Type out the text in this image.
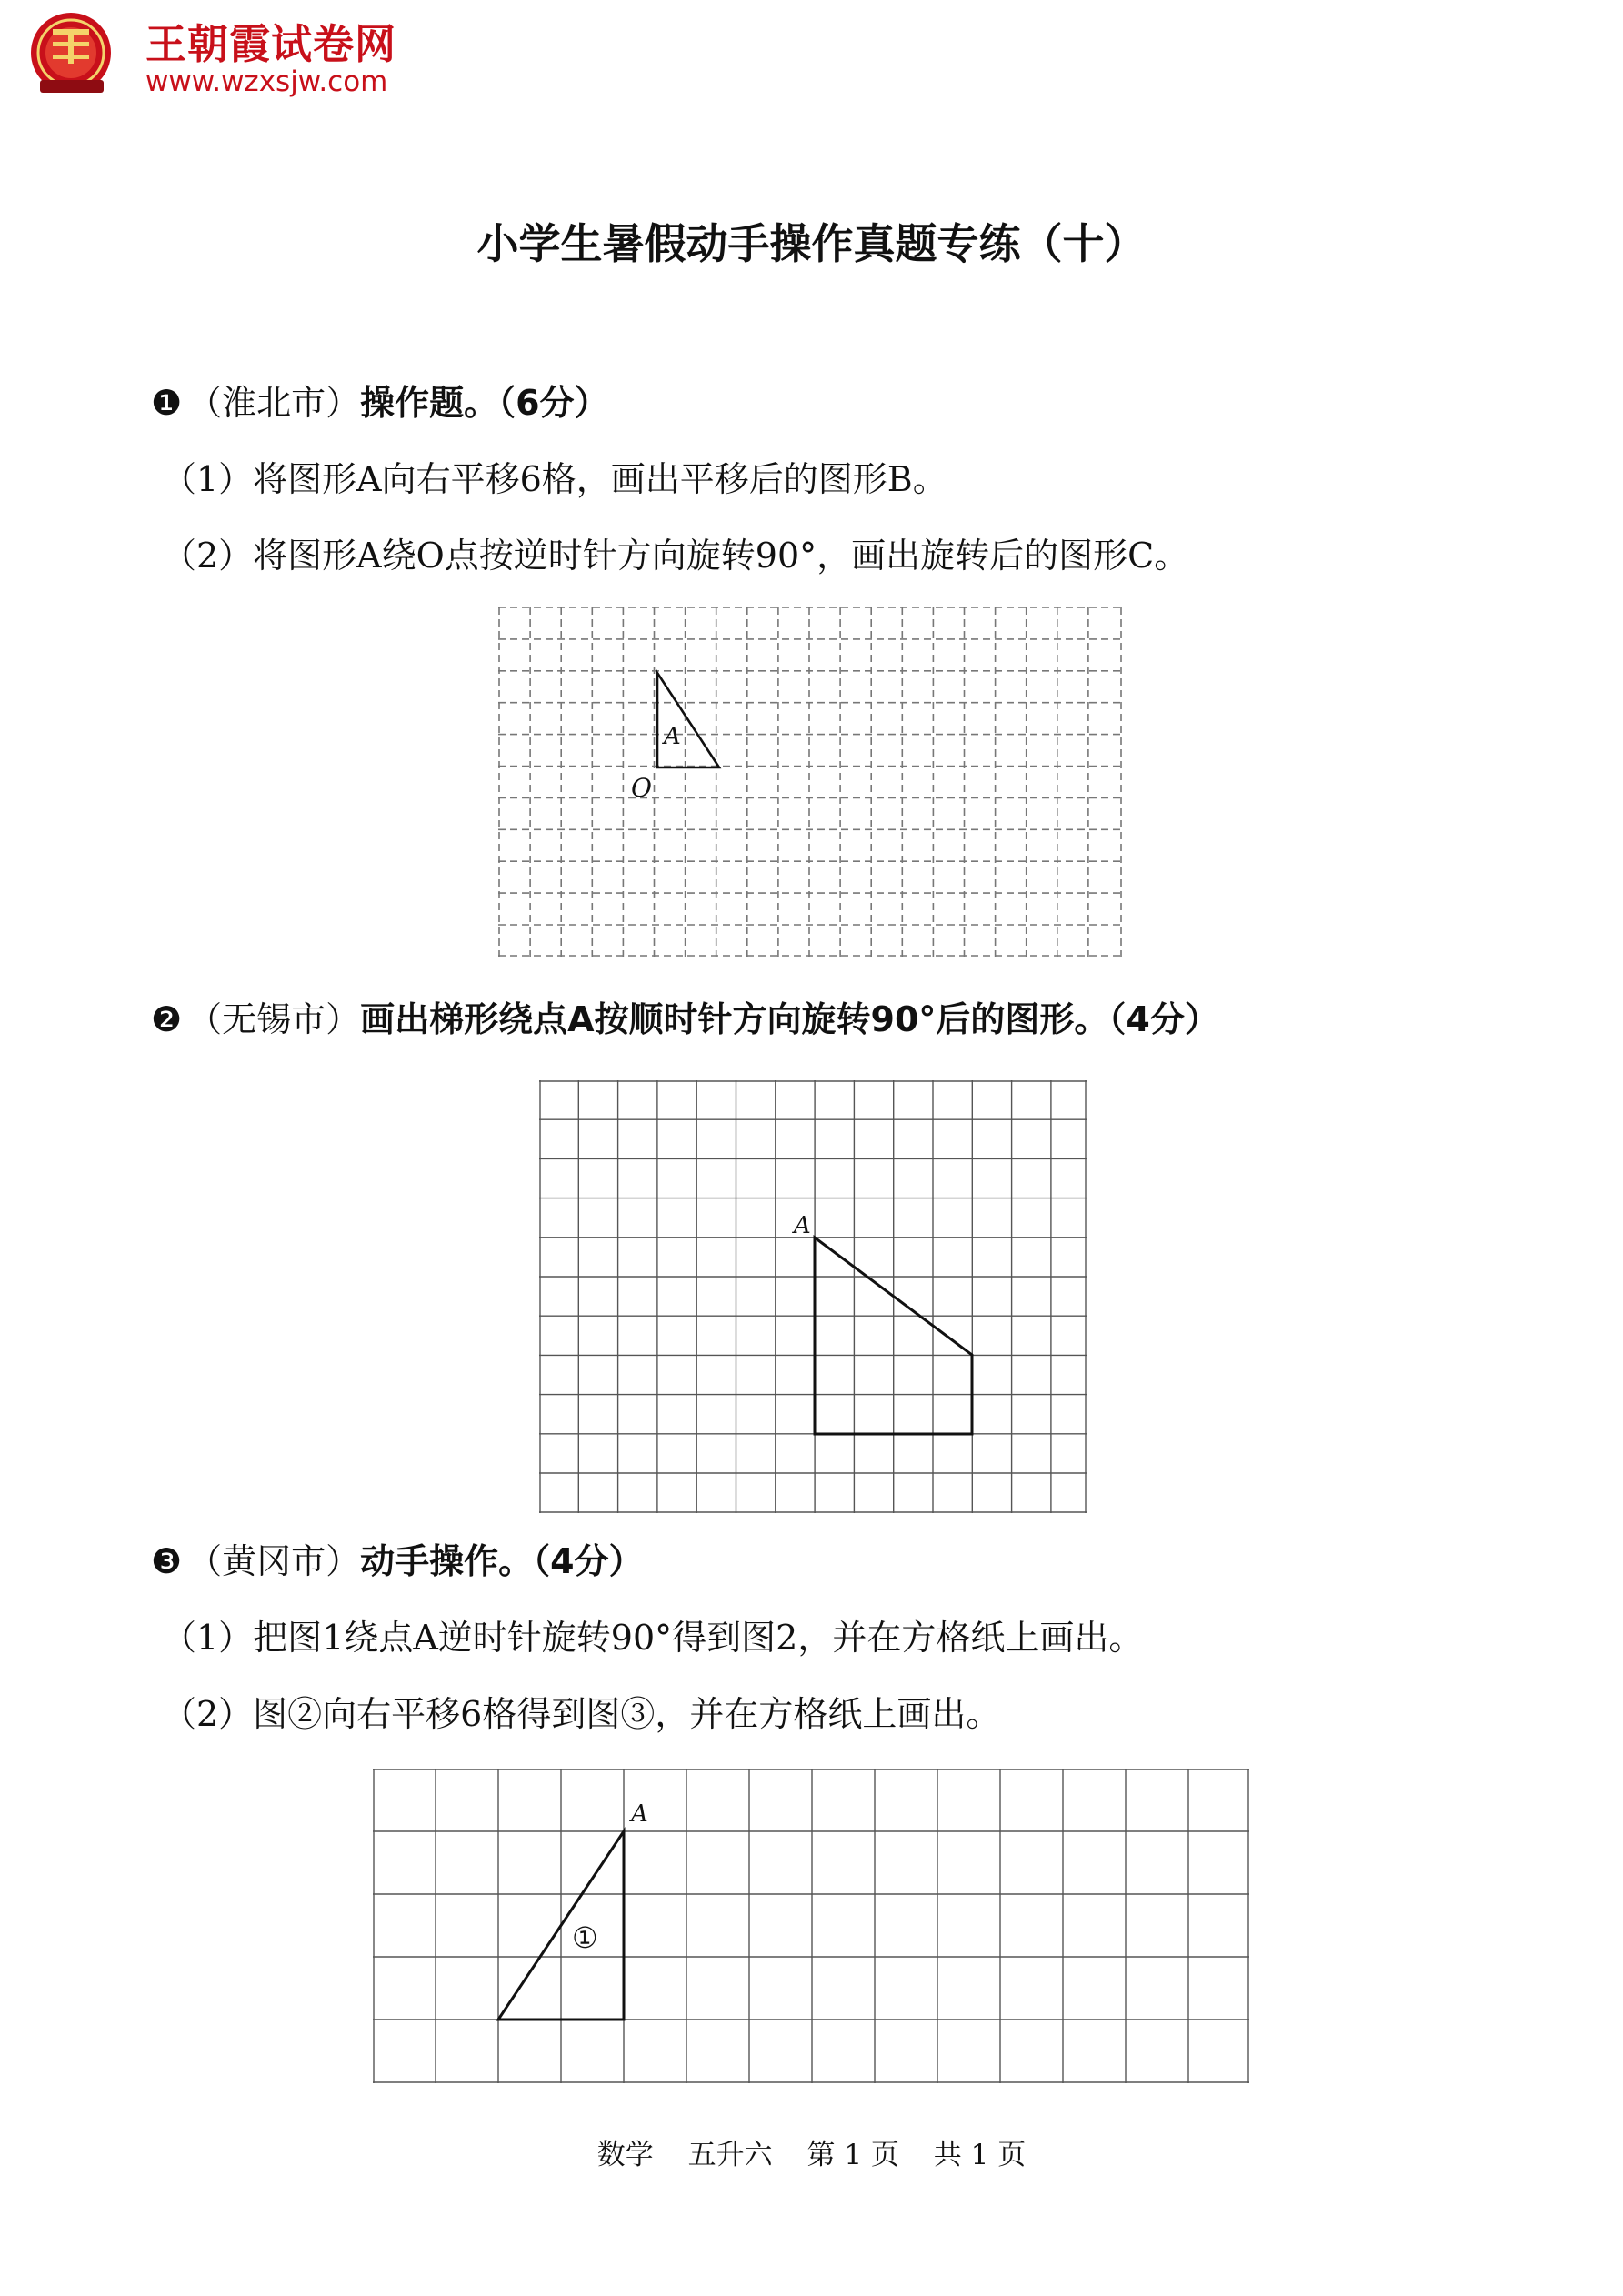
王朝霞试卷网
www.wzxsjw.com
小学生暑假动手操作真题专练（十）
❶ （淮北市）操作题。（6分）
（1）将图形A向右平移6格，画出平移后的图形B。
（2）将图形A绕O点按逆时针方向旋转90°，画出旋转后的图形C。
A
O
❷ （无锡市）画出梯形绕点A按顺时针方向旋转90°后的图形。（4分）
A
❸ （黄冈市）动手操作。（4分）
（1）把图1绕点A逆时针旋转90°得到图2，并在方格纸上画出。
（2）图②向右平移6格得到图③，并在方格纸上画出。
A
①
数学 五升六 第 1 页 共 1 页
